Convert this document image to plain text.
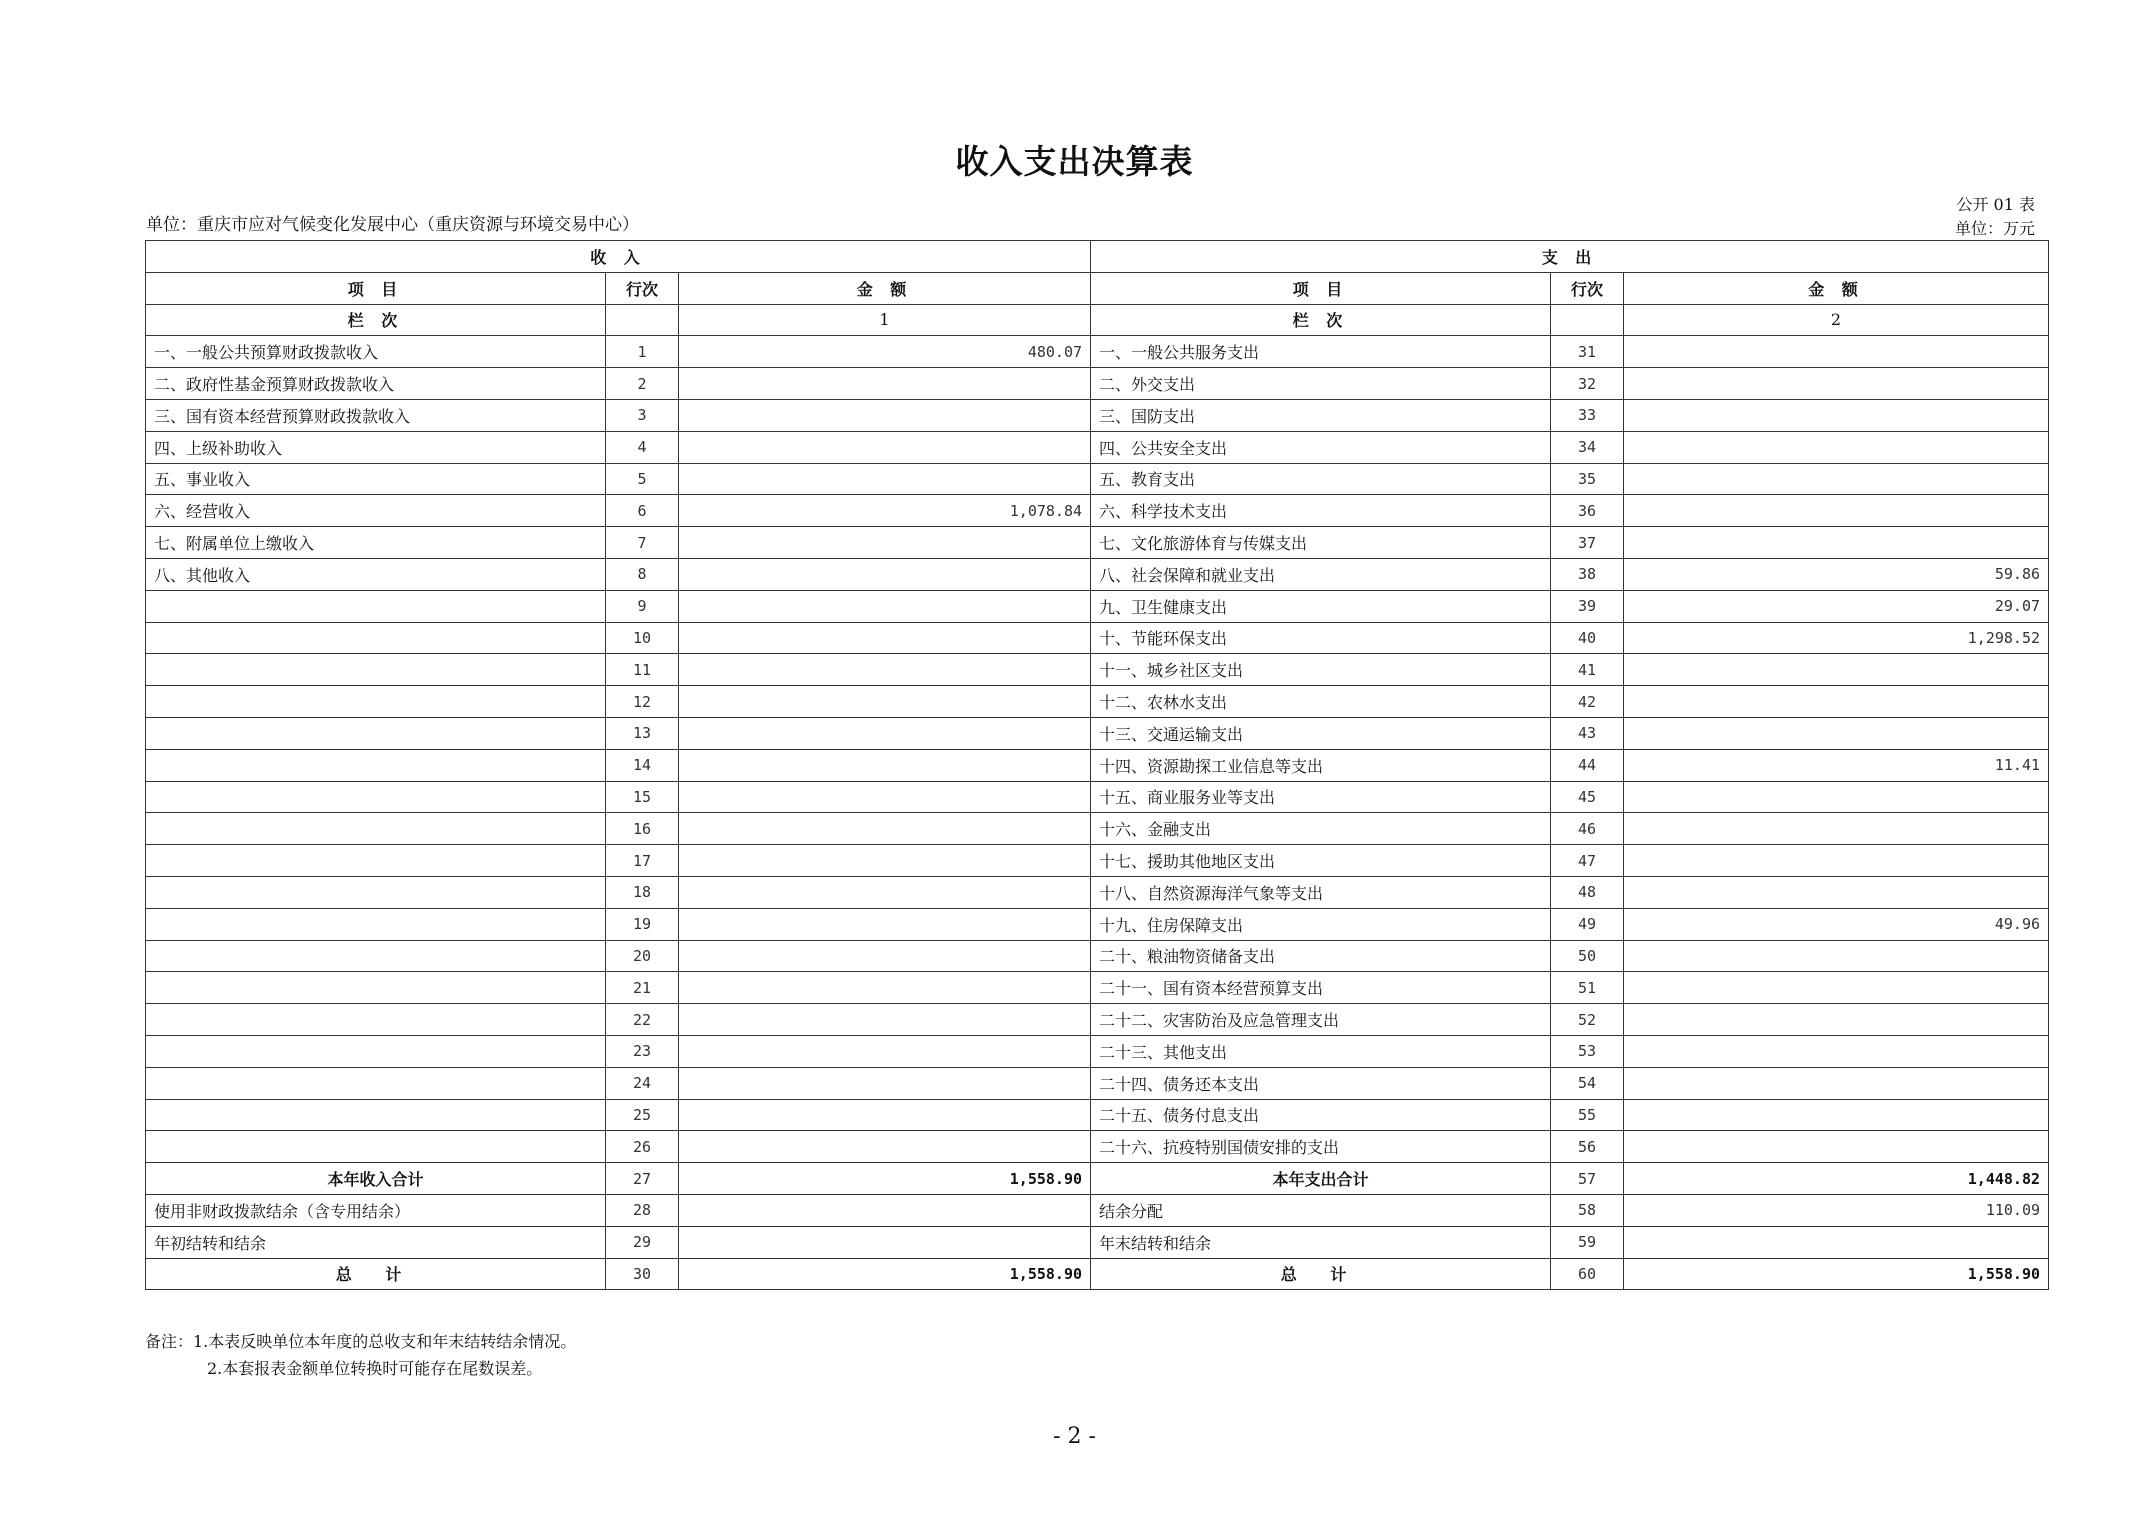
收入支出决算表
公开 01 表
单位：重庆市应对气候变化发展中心（重庆资源与环境交易中心）	单位：万元
收 入			支 出		
项 目	行次	金 额	项 目	行次	金 额
栏 次		1	栏 次		2
一、一般公共预算财政拨款收入	1	480.07	一、一般公共服务支出	31	
二、政府性基金预算财政拨款收入	2		二、外交支出	32	
三、国有资本经营预算财政拨款收入	3		三、国防支出	33	
四、上级补助收入	4		四、公共安全支出	34	
五、事业收入	5		五、教育支出	35	
六、经营收入	6	1,078.84	六、科学技术支出	36	
七、附属单位上缴收入	7		七、文化旅游体育与传媒支出	37	
八、其他收入	8		八、社会保障和就业支出	38	59.86
	9		九、卫生健康支出	39	29.07
	10		十、节能环保支出	40	1,298.52
	11		十一、城乡社区支出	41	
	12		十二、农林水支出	42	
	13		十三、交通运输支出	43	
	14		十四、资源勘探工业信息等支出	44	11.41
	15		十五、商业服务业等支出	45	
	16		十六、金融支出	46	
	17		十七、援助其他地区支出	47	
	18		十八、自然资源海洋气象等支出	48	
	19		十九、住房保障支出	49	49.96
	20		二十、粮油物资储备支出	50	
	21		二十一、国有资本经营预算支出	51	
	22		二十二、灾害防治及应急管理支出	52	
	23		二十三、其他支出	53	
	24		二十四、债务还本支出	54	
	25		二十五、债务付息支出	55	
	26		二十六、抗疫特别国债安排的支出	56	
本年收入合计	27	1,558.90	本年支出合计	57	1,448.82
使用非财政拨款结余（含专用结余）	28		结余分配	58	110.09
年初结转和结余	29		年末结转和结余	59	
总 计	30	1,558.90	总 计	60	1,558.90
备注：1.本表反映单位本年度的总收支和年末结转结余情况。
2.本套报表金额单位转换时可能存在尾数误差。
- 2 -
